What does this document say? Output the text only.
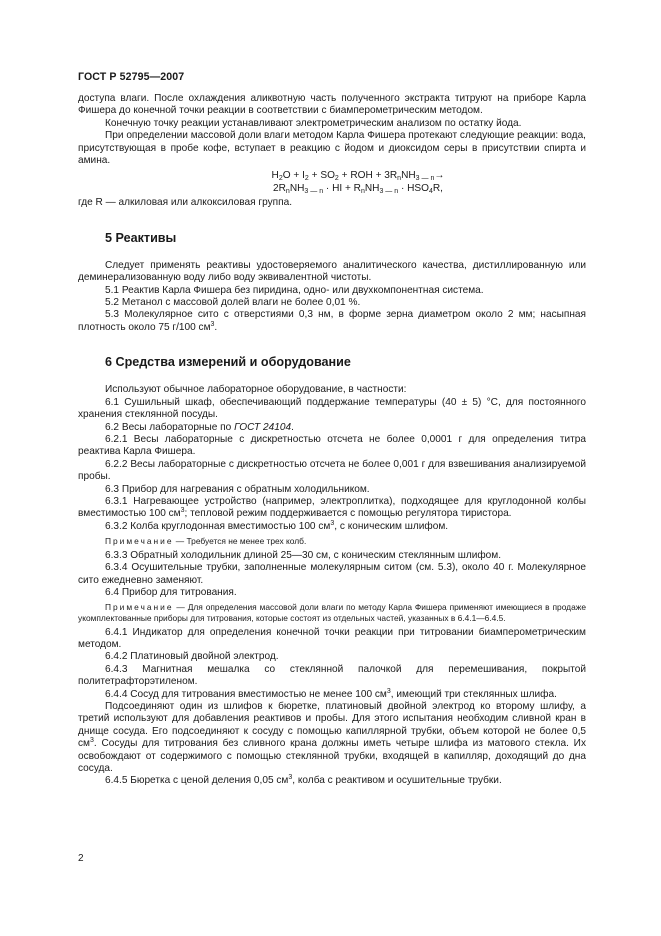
ГОСТ Р 52795—2007

доступа влаги. После охлаждения аликвотную часть полученного экстракта титруют на приборе Карла Фишера до конечной точки реакции в соответствии с биамперометрическим методом.

Конечную точку реакции устанавливают электрометрическим анализом по остатку йода.

При определении массовой доли влаги методом Карла Фишера протекают следующие реакции: вода, присутствующая в пробе кофе, вступает в реакцию с йодом и диоксидом серы в присутствии спирта и амина.

$H_2O + I_2 + SO_2$ + ROH + $3R_nNH_{3 — n}\to$
$2R_nNH_{3 — n}$ · HI + $R_nNH_{3 — n} \cdot HSO_4R$,

где R — алкиловая или алкоксиловая группа.

5 Реактивы

Следует применять реактивы удостоверяемого аналитического качества, дистиллированную или деминерализованную воду либо воду эквивалентной чистоты.

5.1 Реактив Карла Фишера без пиридина, одно- или двухкомпонентная система.

5.2 Метанол с массовой долей влаги не более 0,01 %.

5.3 Молекулярное сито с отверстиями 0,3 нм, в форме зерна диаметром около 2 мм; насыпная плотность около 75 г/100 $см^3$.

6 Средства измерений и оборудование

Используют обычное лабораторное оборудование, в частности:

6.1 Сушильный шкаф, обеспечивающий поддержание температуры (40 ± 5) °С, для постоянного хранения стеклянной посуды.

6.2 Весы лабораторные по ГОСТ 24104.

6.2.1 Весы лабораторные с дискретностью отсчета не более 0,0001 г для определения титра реактива Карла Фишера.

6.2.2 Весы лабораторные с дискретностью отсчета не более 0,001 г для взвешивания анализируемой пробы.

6.3 Прибор для нагревания с обратным холодильником.

6.3.1 Нагревающее устройство (например, электроплитка), подходящее для круглодонной колбы вместимостью 100 $см^3$; тепловой режим поддерживается с помощью регулятора тиристора.

6.3.2 Колба круглодонная вместимостью 100 $см^3$, с коническим шлифом.

Примечание — Требуется не менее трех колб.

6.3.3 Обратный холодильник длиной 25—30 см, с коническим стеклянным шлифом.

6.3.4 Осушительные трубки, заполненные молекулярным ситом (см. 5.3), около 40 г. Молекулярное сито ежедневно заменяют.

6.4 Прибор для титрования.

Примечание — Для определения массовой доли влаги по методу Карла Фишера применяют имеющиеся в продаже укомплектованные приборы для титрования, которые состоят из отдельных частей, указанных в 6.4.1—6.4.5.

6.4.1 Индикатор для определения конечной точки реакции при титровании биамперометрическим методом.

6.4.2 Платиновый двойной электрод.

6.4.3 Магнитная мешалка со стеклянной палочкой для перемешивания, покрытой политетрафторэтиленом.

6.4.4 Сосуд для титрования вместимостью не менее 100 $см^3$, имеющий три стеклянных шлифа.

Подсоединяют один из шлифов к бюретке, платиновый двойной электрод ко второму шлифу, а третий используют для добавления реактивов и пробы. Для этого испытания необходим сливной кран в днище сосуда. Его подсоединяют к сосуду с помощью капиллярной трубки, объем которой не более 0,5 $см^3$. Сосуды для титрования без сливного крана должны иметь четыре шлифа из матового стекла. Их освобождают от содержимого с помощью стеклянной трубки, входящей в капилляр, доходящий до дна сосуда.

6.4.5 Бюретка с ценой деления 0,05 $см^3$, колба с реактивом и осушительные трубки.

2
